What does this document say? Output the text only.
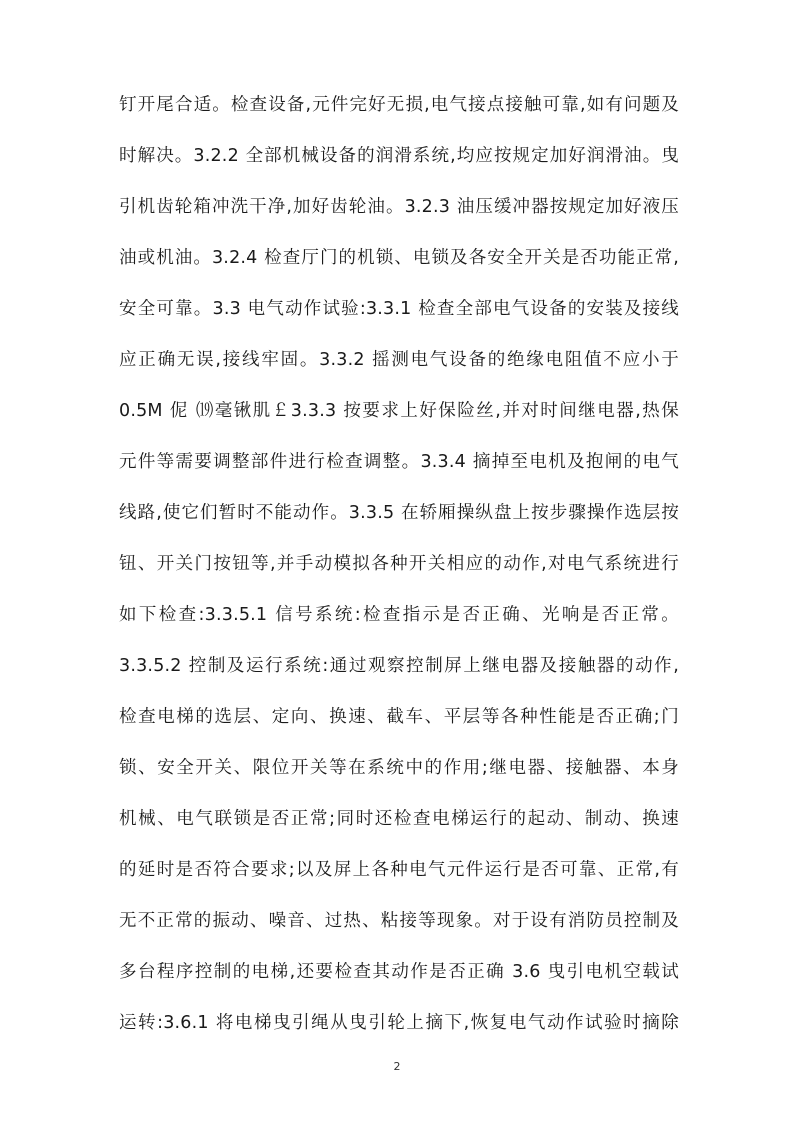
钉开尾合适。检查设备,元件完好无损,电气接点接触可靠,如有问题及
时解决。3.2.2 全部机械设备的润滑系统,均应按规定加好润滑油。曳
引机齿轮箱冲洗干净,加好齿轮油。3.2.3 油压缓冲器按规定加好液压
油或机油。3.2.4 检查厅门的机锁、电锁及各安全开关是否功能正常,
安全可靠。3.3 电气动作试验:3.3.1 检查全部电气设备的安装及接线
应正确无误,接线牢固。3.3.2 摇测电气设备的绝缘电阻值不应小于
0.5M 伲 ⒆毫锹肌￡3.3.3 按要求上好保险丝,并对时间继电器,热保
元件等需要调整部件进行检查调整。3.3.4 摘掉至电机及抱闸的电气
线路,使它们暂时不能动作。3.3.5 在轿厢操纵盘上按步骤操作选层按
钮、开关门按钮等,并手动模拟各种开关相应的动作,对电气系统进行
如下检查:3.3.5.1 信号系统:检查指示是否正确、光响是否正常。
3.3.5.2 控制及运行系统:通过观察控制屏上继电器及接触器的动作,
检查电梯的选层、定向、换速、截车、平层等各种性能是否正确;门
锁、安全开关、限位开关等在系统中的作用;继电器、接触器、本身
机械、电气联锁是否正常;同时还检查电梯运行的起动、制动、换速
的延时是否符合要求;以及屏上各种电气元件运行是否可靠、正常,有
无不正常的振动、噪音、过热、粘接等现象。对于设有消防员控制及
多台程序控制的电梯,还要检查其动作是否正确 3.6 曳引电机空载试
运转:3.6.1 将电梯曳引绳从曳引轮上摘下,恢复电气动作试验时摘除
2
